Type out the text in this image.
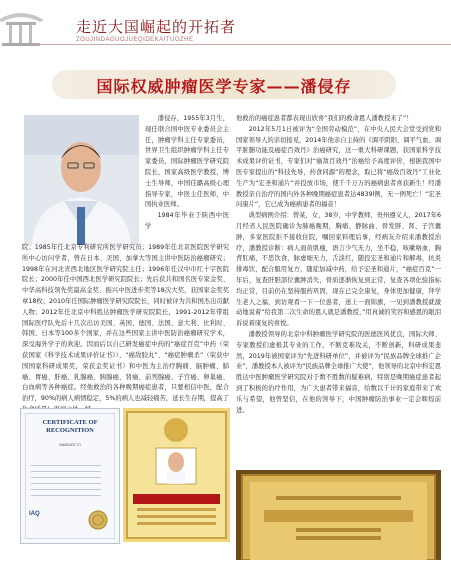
走近大国崛起的开拓者
ZOUJINDAGUOJUEQIDEKAITUOZHE
国际权威肿瘤医学专家——潘侵存

潘侵存，1955年3月生，现任联合国中医专业委员会主任，肿瘤学科主任专家委员，世界卫生组织肿瘤学科主任专家委员，国际肿瘤医学研究院院长，国家高级医学教授，博士生导师，中国佳璐高级心理指导专家，中医主任医师，中国执业医师。

1984年毕业于陕西中医学

院；1985年任北京专利研究所医学研究员；1989年任北京医院医学研究所中心访问学者，曾在日本、美国、加拿大等国主讲中医防治癌瘤研究；1998年在河北省西北地区医学研究院主任；1996年任汉中市红十字医院院长；2000年任中国西北医学研究院院长；先后获共和国名医专家金奖、中华高科技领先奖最高金奖、振兴中医进步奖等18次大奖，获国家金奖奖章18枚；2010年任国际肿瘤医学研究院院长，同时被评为共和国杰出贡献人物；2012年任北京中科胜达肿瘤医学研究院院长，1991-2012年带组国际医疗队先后十几次出访美国、英国、德国、法国、意大利、比利时、韩国、日本等100多个国家，并在这些国家主讲中医防治癌瘤研究学术，深受海外学子的欢迎。因而后以自己研发癌症中药的“癌症百克”中药（荣获国家《科学技术成果评价证书》）、“癌敌胶丸”、“癌症肿瘤杀”（荣获中国国家科研成果奖，荣获金奖证书）和中医为主治疗胸痛、脑肿瘤、肺癌、胃癌、肝癌、乳腺癌、胰腺癌、肾癌、前列腺癌、子宫癌、卵巢癌、白血病等各种癌症。经他救治的各种晚期癌症患者，只要相信中医，配合治疗，90%的病人病情稳定，5%的病人也减轻痛苦，延长生存期，提高了

他救治的癌症患者都表现出欣喜“我们的救命恩人潘教授来了”！

2012年5月1日被评为“全国劳动模范”，在中央人民大会堂受到党和国家领导人的亲切接见，2014年他亲自主持的《调平阴阳、调平气血、调平脏腑功能及癌症百效丹》治癌研究，这一重大科研课题，获国家科学技术成果评价证书，专家们对“癌敌百效丹”治癌给予高度评价，根据我国中医专家提出的“科技先导，药食同源”的理念，取已将“癌敌百效丹”工业化生产为“宏圣和通片”并投放市场，使千千万万的癌病患者喜获新生！经潘教授亲自治疗的国内外各种晚期癌症患者达4839l例，无一例死亡！“宏圣问康片”，它已成为癌病患者的福音！

典型病例介绍：曾某，女，38岁，中学教师，贵州遵义人，2017年6月经省人民医院确诊为肺癌晚期，胸痛、静脉曲、骨发胖、肾、子宫囊肿，多家医院拒不接收住院，嘱回家料理后事，经病友介绍来潘教授治疗，潘教授诊断：病人面黄肌瘦，语言少气无力，坐不稳，咳嗽咯血，胸背肛痛，不思饮食，脉虚细无力，舌淡红，随投宏圣和通片和解毒，抗炎排毒饮，配合服用复方，随症加减中药，给予宏圣和通片，“癌症百克”一年后，复查肝胆部位囊肿消失，骨质逐渐恢复到正常，复查各项化验指标均正常，目前仍在坚持服药巩固，现在已完全康复，身体更加健康，拜学生老人之福，到访观看一下一位患者，送上一面锦旗，一见到潘教授就激动地说着“给我第二次生命的恩人就是潘教授，”用真诚的笑容和感恩的眼泪诉说着康复的喜悦。

潘教授领导的北京中科肿瘤医学研究院的医德医风优良，国际大师、专家教授们虚极其专业的工作，不断克难攻关，不断创新，科研成果斐然，2019年被国家评为“先进科研单位”，并被评为“民族品牌全球推广企业”，潘教授本人被评为“民族品牌全球推广大使”，他领导的北京中科宏恩胜达中医肿瘤医学研究院对于数不胜数的疑难病，特别是晚期癌症患者起到了积极的治疗作用，为广大患者带来福音，给数以千计的家庭带来了欢乐与希望，他曾坚信，在他的领导下，中国肿瘤防治事业一定会辉煌前进。

CERTIFICATE OF RECOGNITION
AWARDED TO
IAQ
